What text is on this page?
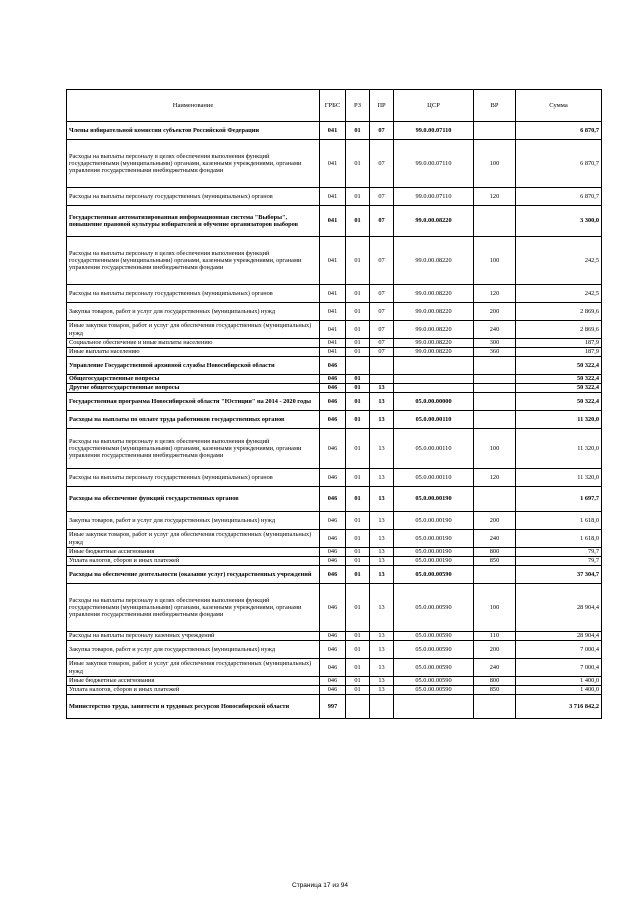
Наименование	ГРБС	РЗ	ПР	ЦСР	ВР	Сумма
Члены избирательной комиссии субъектов Российской Федерации	041	01	07	99.0.00.07110		6 870,7
Расходы на выплаты персоналу в целях обеспечения выполнения функций государственными (муниципальными) органами, казенными учреждениями, органами управления государственными внебюджетными фондами	041	01	07	99.0.00.07110	100	6 870,7
Расходы на выплаты персоналу государственных (муниципальных) органов	041	01	07	99.0.00.07110	120	6 870,7
Государственная автоматизированная информационная система "Выборы", повышение правовой культуры избирателей и обучение организаторов выборов	041	01	07	99.0.00.08220		3 300,0
Расходы на выплаты персоналу в целях обеспечения выполнения функций государственными (муниципальными) органами, казенными учреждениями, органами управления государственными внебюджетными фондами	041	01	07	99.0.00.08220	100	242,5
Расходы на выплаты персоналу государственных (муниципальных) органов	041	01	07	99.0.00.08220	120	242,5
Закупка товаров, работ и услуг для государственных (муниципальных) нужд	041	01	07	99.0.00.08220	200	2 869,6
Иные закупки товаров, работ и услуг для обеспечения государственных (муниципальных) нужд	041	01	07	99.0.00.08220	240	2 869,6
Социальное обеспечение и иные выплаты населению	041	01	07	99.0.00.08220	300	187,9
Иные выплаты населению	041	01	07	99.0.00.08220	360	187,9
Управление Государственной архивной службы Новосибирской области	046					50 322,4
Общегосударственные вопросы	046	01				50 322,4
Другие общегосударственные вопросы	046	01	13			50 322,4
Государственная программа Новосибирской области "Юстиция" на 2014 - 2020 годы	046	01	13	05.0.00.00000		50 322,4
Расходы на выплаты по оплате труда работников государственных органов	046	01	13	05.0.00.00110		11 320,0
Расходы на выплаты персоналу в целях обеспечения выполнения функций государственными (муниципальными) органами, казенными учреждениями, органами управления государственными внебюджетными фондами	046	01	13	05.0.00.00110	100	11 320,0
Расходы на выплаты персоналу государственных (муниципальных) органов	046	01	13	05.0.00.00110	120	11 320,0
Расходы на обеспечение функций государственных органов	046	01	13	05.0.00.00190		1 697,7
Закупка товаров, работ и услуг для государственных (муниципальных) нужд	046	01	13	05.0.00.00190	200	1 618,0
Иные закупки товаров, работ и услуг для обеспечения государственных (муниципальных) нужд	046	01	13	05.0.00.00190	240	1 618,0
Иные бюджетные ассигнования	046	01	13	05.0.00.00190	800	79,7
Уплата налогов, сборов и иных платежей	046	01	13	05.0.00.00190	850	79,7
Расходы на обеспечение деятельности (оказание услуг) государственных учреждений	046	01	13	05.0.00.00590		37 304,7
Расходы на выплаты персоналу в целях обеспечения выполнения функций государственными (муниципальными) органами, казенными учреждениями, органами управления государственными внебюджетными фондами	046	01	13	05.0.00.00590	100	28 904,4
Расходы на выплаты персоналу казенных учреждений	046	01	13	05.0.00.00590	110	28 904,4
Закупка товаров, работ и услуг для государственных (муниципальных) нужд	046	01	13	05.0.00.00590	200	7 000,4
Иные закупки товаров, работ и услуг для обеспечения государственных (муниципальных) нужд	046	01	13	05.0.00.00590	240	7 000,4
Иные бюджетные ассигнования	046	01	13	05.0.00.00590	800	1 400,0
Уплата налогов, сборов и иных платежей	046	01	13	05.0.00.00590	850	1 400,0
Министерство труда, занятости и трудовых ресурсов Новосибирской области	997					3 716 842,2
Страница 17 из 94
